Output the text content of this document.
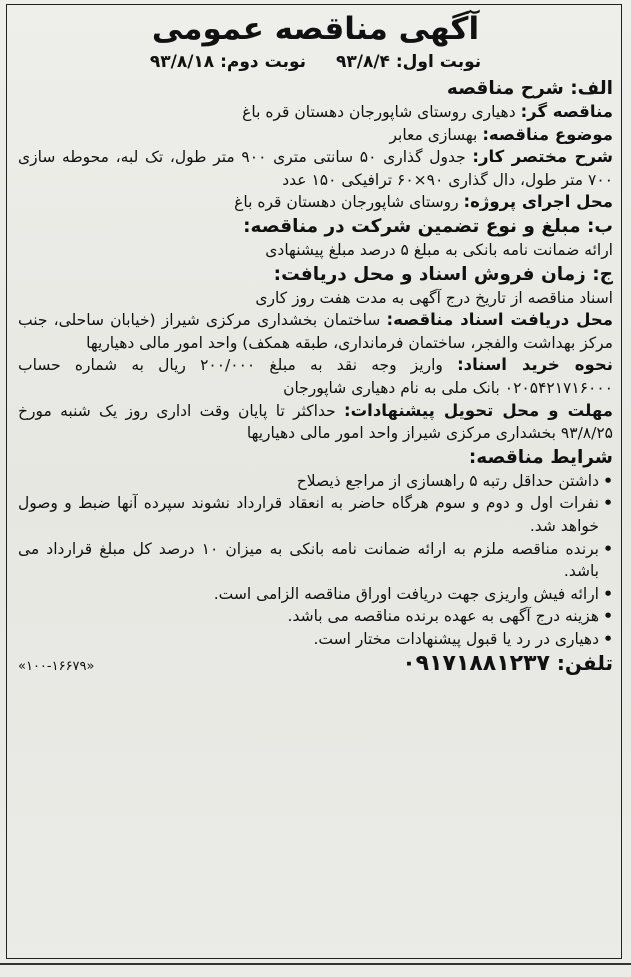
آگهی مناقصه عمومی
نوبت اول: ۹۳/۸/۴
نوبت دوم: ۹۳/۸/۱۸
الف: شرح مناقصه
مناقصه گر: دهیاری روستای شاپورجان دهستان قره باغ
موضوع مناقصه: بهسازی معابر
شرح مختصر کار: جدول گذاری ۵۰ سانتی متری ۹۰۰ متر طول، تک لبه، محوطه سازی ۷۰۰ متر طول، دال گذاری ۹۰×۶۰ ترافیکی ۱۵۰ عدد
محل اجرای پروژه: روستای شاپورجان دهستان قره باغ
ب: مبلغ و نوع تضمین شرکت در مناقصه:
ارائه ضمانت نامه بانکی به مبلغ ۵ درصد مبلغ پیشنهادی
ج: زمان فروش اسناد و محل دریافت:
اسناد مناقصه از تاریخ درج آگهی به مدت هفت روز کاری
محل دریافت اسناد مناقصه: ساختمان بخشداری مرکزی شیراز (خیابان ساحلی، جنب مرکز بهداشت والفجر، ساختمان فرمانداری، طبقه همکف) واحد امور مالی دهیاریها
نحوه خرید اسناد: واریز وجه نقد به مبلغ ۲۰۰/۰۰۰ ریال به شماره حساب ۰۲۰۵۴۲۱۷۱۶۰۰۰ بانک ملی به نام دهیاری شاپورجان
مهلت و محل تحویل پیشنهادات: حداکثر تا پایان وقت اداری روز یک شنبه مورخ ۹۳/۸/۲۵ بخشداری مرکزی شیراز واحد امور مالی دهیاریها
شرایط مناقصه:
• داشتن حداقل رتبه ۵ راهسازی از مراجع ذیصلاح
• نفرات اول و دوم و سوم هرگاه حاضر به انعقاد قرارداد نشوند سپرده آنها ضبط و وصول خواهد شد.
• برنده مناقصه ملزم به ارائه ضمانت نامه بانکی به میزان ۱۰ درصد کل مبلغ قرارداد می باشد.
• ارائه فیش واریزی جهت دریافت اوراق مناقصه الزامی است.
• هزینه درج آگهی به عهده برنده مناقصه می باشد.
• دهیاری در رد یا قبول پیشنهادات مختار است.
تلفن: ۰۹۱۷۱۸۸۱۲۳۷
«۱۰۰-۱۶۶۷۹»
